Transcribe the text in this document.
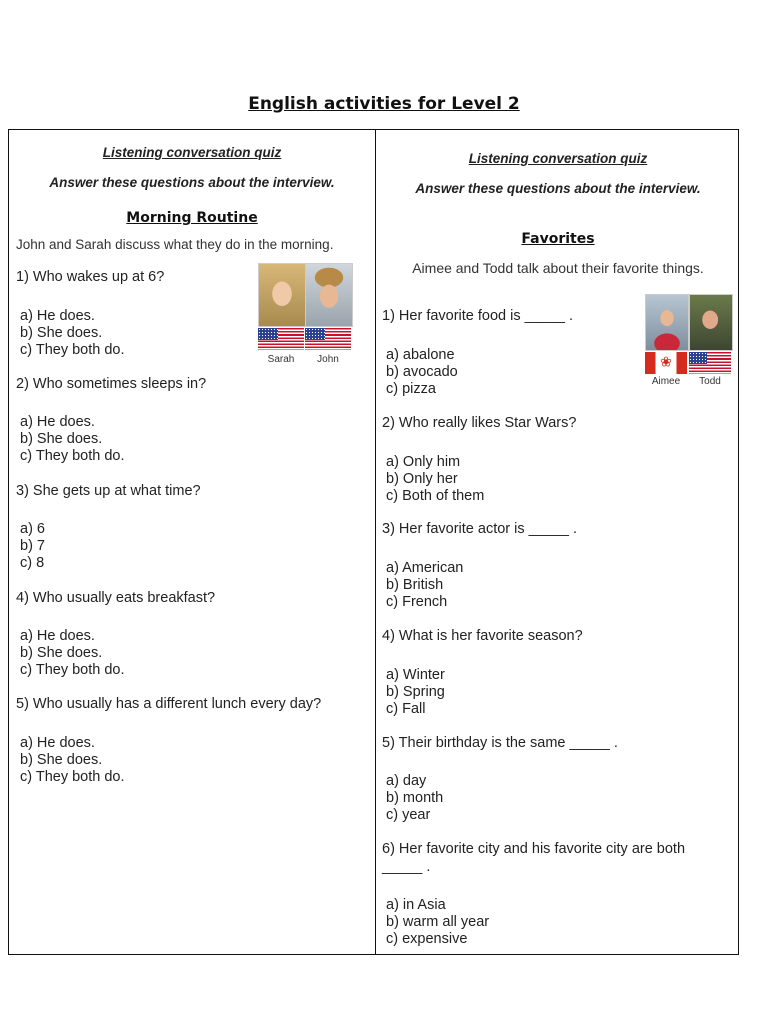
English activities for Level 2
Listening conversation quiz
Answer these questions about the interview.
Morning Routine
John and Sarah discuss what they do in the morning.
Sarah	John
1) Who wakes up at 6?
a) He does.
b) She does.
c) They both do.
2) Who sometimes sleeps in?
a) He does.
b) She does.
c) They both do.
3) She gets up at what time?
a) 6
b) 7
c) 8
4) Who usually eats breakfast?
a) He does.
b) She does.
c) They both do.
5) Who usually has a different lunch every day?
a) He does.
b) She does.
c) They both do.
Listening conversation quiz
Answer these questions about the interview.
Favorites
Aimee and Todd talk about their favorite things.
❀
Aimee	Todd
1) Her favorite food is _____ .
a) abalone
b) avocado
c) pizza
2) Who really likes Star Wars?
a) Only him
b) Only her
c) Both of them
3) Her favorite actor is _____ .
a) American
b) British
c) French
4) What is her favorite season?
a) Winter
b) Spring
c) Fall
5) Their birthday is the same _____ .
a) day
b) month
c) year
6) Her favorite city and his favorite city are both
_____ .
a) in Asia
b) warm all year
c) expensive
